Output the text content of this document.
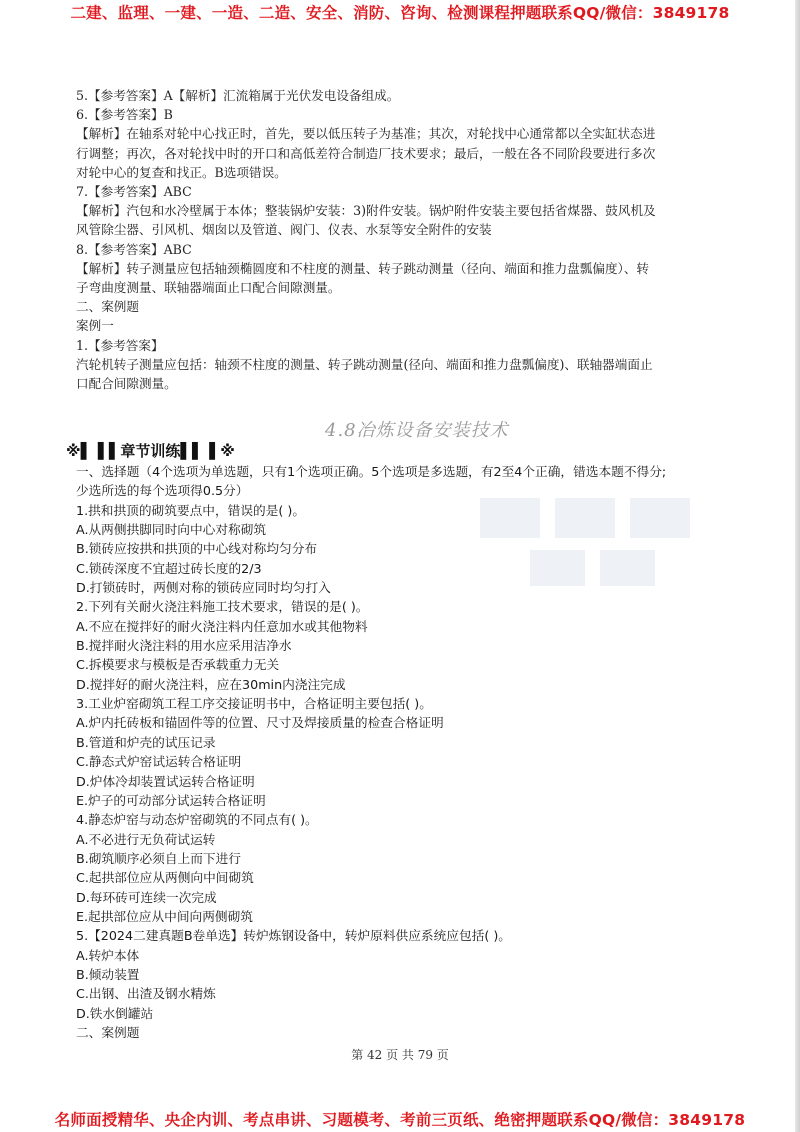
二建、监理、一建、一造、二造、安全、消防、咨询、检测课程押题联系QQ/微信：3849178
5.【参考答案】A【解析】汇流箱属于光伏发电设备组成。
6.【参考答案】B
【解析】在轴系对轮中心找正时，首先，要以低压转子为基准；其次，对轮找中心通常都以全实缸状态进
行调整；再次，各对轮找中时的开口和高低差符合制造厂技术要求；最后，一般在各不同阶段要进行多次
对轮中心的复查和找正。B选项错误。
7.【参考答案】ABC
【解析】汽包和水冷壁属于本体；整装锅炉安装：3)附件安装。锅炉附件安装主要包括省煤器、鼓风机及
风管除尘器、引风机、烟囱以及管道、阀门、仪表、水泵等安全附件的安装
8.【参考答案】ABC
【解析】转子测量应包括轴颈椭圆度和不柱度的测量、转子跳动测量（径向、端面和推力盘瓢偏度）、转
子弯曲度测量、联轴器端面止口配合间隙测量。
二、案例题
案例一
1.【参考答案】
汽轮机转子测量应包括：轴颈不柱度的测量、转子跳动测量(径向、端面和推力盘瓢偏度)、联轴器端面止
口配合间隙测量。
4.8冶炼设备安装技术
※▌▐ ▌章节训练▌▌▐ ※
一、选择题（4个选项为单选题，只有1个选项正确。5个选项是多选题，有2至4个正确，错选本题不得分;
少选所选的每个选项得0.5分）
1.拱和拱顶的砌筑要点中，错误的是( )。
A.从两侧拱脚同时向中心对称砌筑
B.锁砖应按拱和拱顶的中心线对称均匀分布
C.锁砖深度不宜超过砖长度的2/3
D.打锁砖时，两侧对称的锁砖应同时均匀打入
2.下列有关耐火浇注料施工技术要求，错误的是( )。
A.不应在搅拌好的耐火浇注料内任意加水或其他物料
B.搅拌耐火浇注料的用水应采用洁净水
C.拆模要求与模板是否承载重力无关
D.搅拌好的耐火浇注料，应在30min内浇注完成
3.工业炉窑砌筑工程工序交接证明书中，合格证明主要包括( )。
A.炉内托砖板和锚固件等的位置、尺寸及焊接质量的检查合格证明
B.管道和炉壳的试压记录
C.静态式炉窑试运转合格证明
D.炉体冷却装置试运转合格证明
E.炉子的可动部分试运转合格证明
4.静态炉窑与动态炉窑砌筑的不同点有( )。
A.不必进行无负荷试运转
B.砌筑顺序必须自上而下进行
C.起拱部位应从两侧向中间砌筑
D.每环砖可连续一次完成
E.起拱部位应从中间向两侧砌筑
5.【2024二建真题B卷单选】转炉炼钢设备中，转炉原料供应系统应包括( )。
A.转炉本体
B.倾动装置
C.出钢、出渣及钢水精炼
D.铁水倒罐站
二、案例题
第 42 页 共 79 页
名师面授精华、央企内训、考点串讲、习题模考、考前三页纸、绝密押题联系QQ/微信：3849178
